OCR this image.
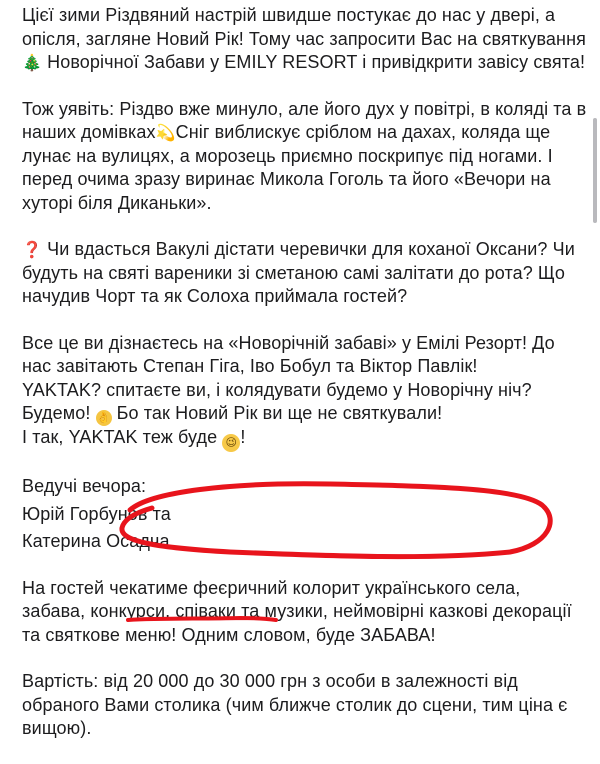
Цієї зими Різдвяний настрій швидше постукає до нас у двері, а
опісля, загляне Новий Рік! Тому час запросити Вас на святкування
🎄 Новорічної Забави у EMILY RESORT і привідкрити завісу свята!

Тож уявіть: Різдво вже минуло, але його дух у повітрі, в коляді та в
наших домівках💫Сніг виблискує сріблом на дахах, коляда ще
лунає на вулицях, а морозець приємно поскрипує під ногами. І
перед очима зразу виринає Микола Гоголь та його «Вечори на
хуторі біля Диканьки».

❓ Чи вдасться Вакулі дістати черевички для коханої Оксани? Чи
будуть на святі вареники зі сметаною самі залітати до рота? Що
начудив Чорт та як Солоха приймала гостей?

Все це ви дізнаєтесь на «Новорічній забаві» у Емілі Резорт! До
нас завітають Степан Гіга, Іво Бобул та Віктор Павлік!
YAKTAK? спитаєте ви, і колядувати будемо у Новорічну ніч?
Будемо! 👌 Бо так Новий Рік ви ще не святкували!
І так, YAKTAK теж буде 😉 !

Ведучі вечора:
Юрій Горбунов та
Катерина Осадча

На гостей чекатиме феєричний колорит українського села,
забава, конкурси, співаки та музики, неймовірні казкові декорації
та святкове меню! Одним словом, буде ЗАБАВА!

Вартість: від 20 000 до 30 000 грн з особи в залежності від
обраного Вами столика (чим ближче столик до сцени, тим ціна є
вищою).
